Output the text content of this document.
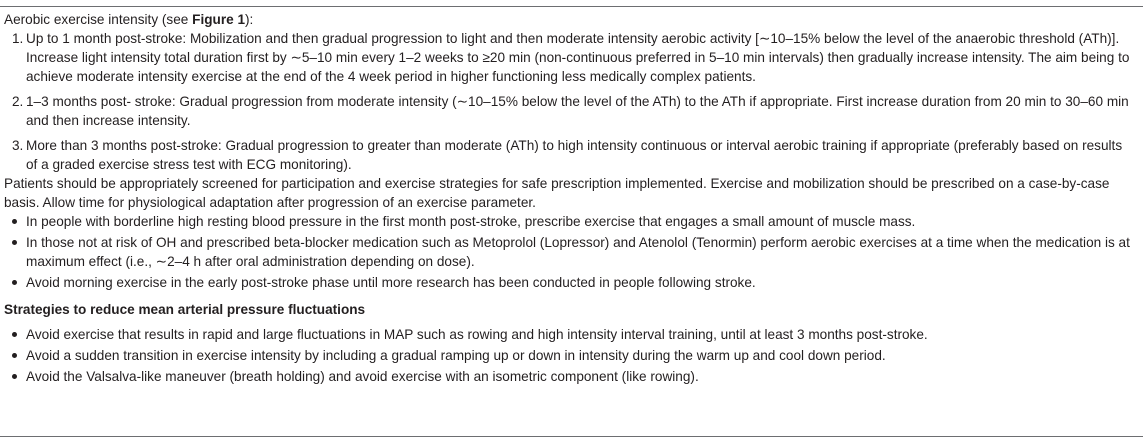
Aerobic exercise intensity (see Figure 1):

1. Up to 1 month post-stroke: Mobilization and then gradual progression to light and then moderate intensity aerobic activity [∼10–15% below the level of the anaerobic threshold (ATh)]. Increase light intensity total duration first by ∼5–10 min every 1–2 weeks to ≥20 min (non-continuous preferred in 5–10 min intervals) then gradually increase intensity. The aim being to achieve moderate intensity exercise at the end of the 4 week period in higher functioning less medically complex patients.
2. 1–3 months post- stroke: Gradual progression from moderate intensity (∼10–15% below the level of the ATh) to the ATh if appropriate. First increase duration from 20 min to 30–60 min and then increase intensity.
3. More than 3 months post-stroke: Gradual progression to greater than moderate (ATh) to high intensity continuous or interval aerobic training if appropriate (preferably based on results of a graded exercise stress test with ECG monitoring).

Patients should be appropriately screened for participation and exercise strategies for safe prescription implemented. Exercise and mobilization should be prescribed on a case-by-case basis. Allow time for physiological adaptation after progression of an exercise parameter.

In people with borderline high resting blood pressure in the first month post-stroke, prescribe exercise that engages a small amount of muscle mass.
In those not at risk of OH and prescribed beta-blocker medication such as Metoprolol (Lopressor) and Atenolol (Tenormin) perform aerobic exercises at a time when the medication is at maximum effect (i.e., ∼2–4 h after oral administration depending on dose).
Avoid morning exercise in the early post-stroke phase until more research has been conducted in people following stroke.

Strategies to reduce mean arterial pressure fluctuations

Avoid exercise that results in rapid and large fluctuations in MAP such as rowing and high intensity interval training, until at least 3 months post-stroke.
Avoid a sudden transition in exercise intensity by including a gradual ramping up or down in intensity during the warm up and cool down period.
Avoid the Valsalva-like maneuver (breath holding) and avoid exercise with an isometric component (like rowing).
